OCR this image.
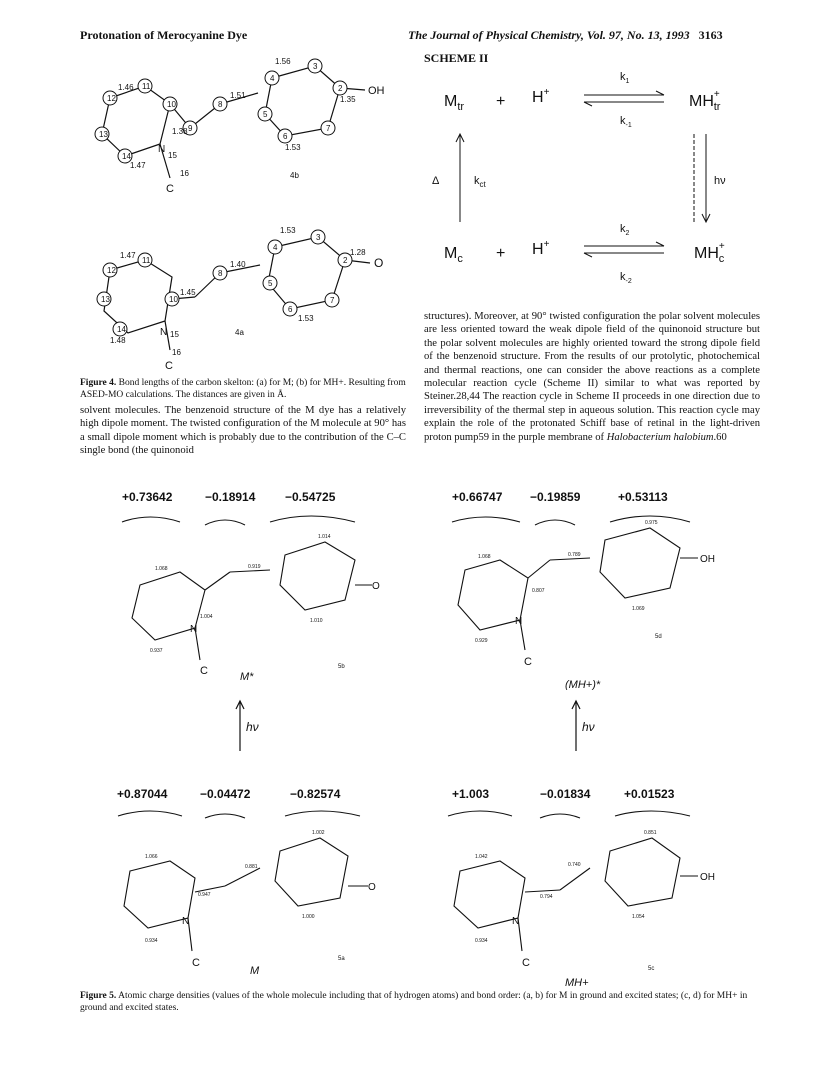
Protonation of Merocyanine Dye	The Journal of Physical Chemistry, Vol. 97, No. 13, 1993 3163
12
11
10
13
14
9
8
5
4
3
2
7
6
N
15
16
C
OH
1.46
1.56
1.51
1.38
1.47
1.35
1.53
4b
12
11
10
13
14
8
5
4
3
2
7
6
N 15
16
C
O
1.47
1.40
1.45
1.28
1.53
1.48
1.53
4a
Figure 4. Bond lengths of the carbon skelton: (a) for M; (b) for MH+. Resulting from ASED-MO calculations. The distances are given in Å.
solvent molecules. The benzenoid structure of the M dye has a relatively high dipole moment. The twisted configuration of the M molecule at 90° has a small dipole moment which is probably due to the contribution of the C–C single bond (the quinonoid
SCHEME II
$M_{tr} + H^+$
MH+ tr
$M_c + H^+$
MH+ c
$k_1$
$k_{-1}$
$k_2$
$k_{-2}$
Δ	$k_{ct}$	hν
structures). Moreover, at 90° twisted configuration the polar solvent molecules are less oriented toward the weak dipole field of the quinonoid structure but the polar solvent molecules are highly oriented toward the strong dipole field of the benzenoid structure. From the results of our protolytic, photochemical and thermal reactions, one can consider the above reactions as a complete molecular reaction cycle (Scheme II) similar to what was reported by Steiner.28,44 The reaction cycle in Scheme II proceeds in one direction due to irreversibility of the thermal step in aqueous solution. This reaction cycle may explain the role of the protonated Schiff base of retinal in the light-driven proton pump59 in the purple membrane of Halobacterium halobium.60
+0.73642	−0.18914 −0.54725	+0.66747 −0.19859	+0.53113
1.068
1.014
0.919
1.010
1.004
0.937
C
N
O
M*
5b
1.068
0.975
0.789
1.069
0.807
0.929
C
N
OH
(MH+)*
5d
hν	hν
+0.87044	−0.04472	−0.82574	+1.003	−0.01834	+0.01523
1.066
1.002
0.881
1.000
0.947
0.934
C
N
O
M
5a
1.042
0.851
0.740
1.054
0.794
0.934
C
N
OH
MH+
5c
Figure 5. Atomic charge densities (values of the whole molecule including that of hydrogen atoms) and bond order: (a, b) for M in ground and excited states; (c, d) for MH+ in ground and excited states.
